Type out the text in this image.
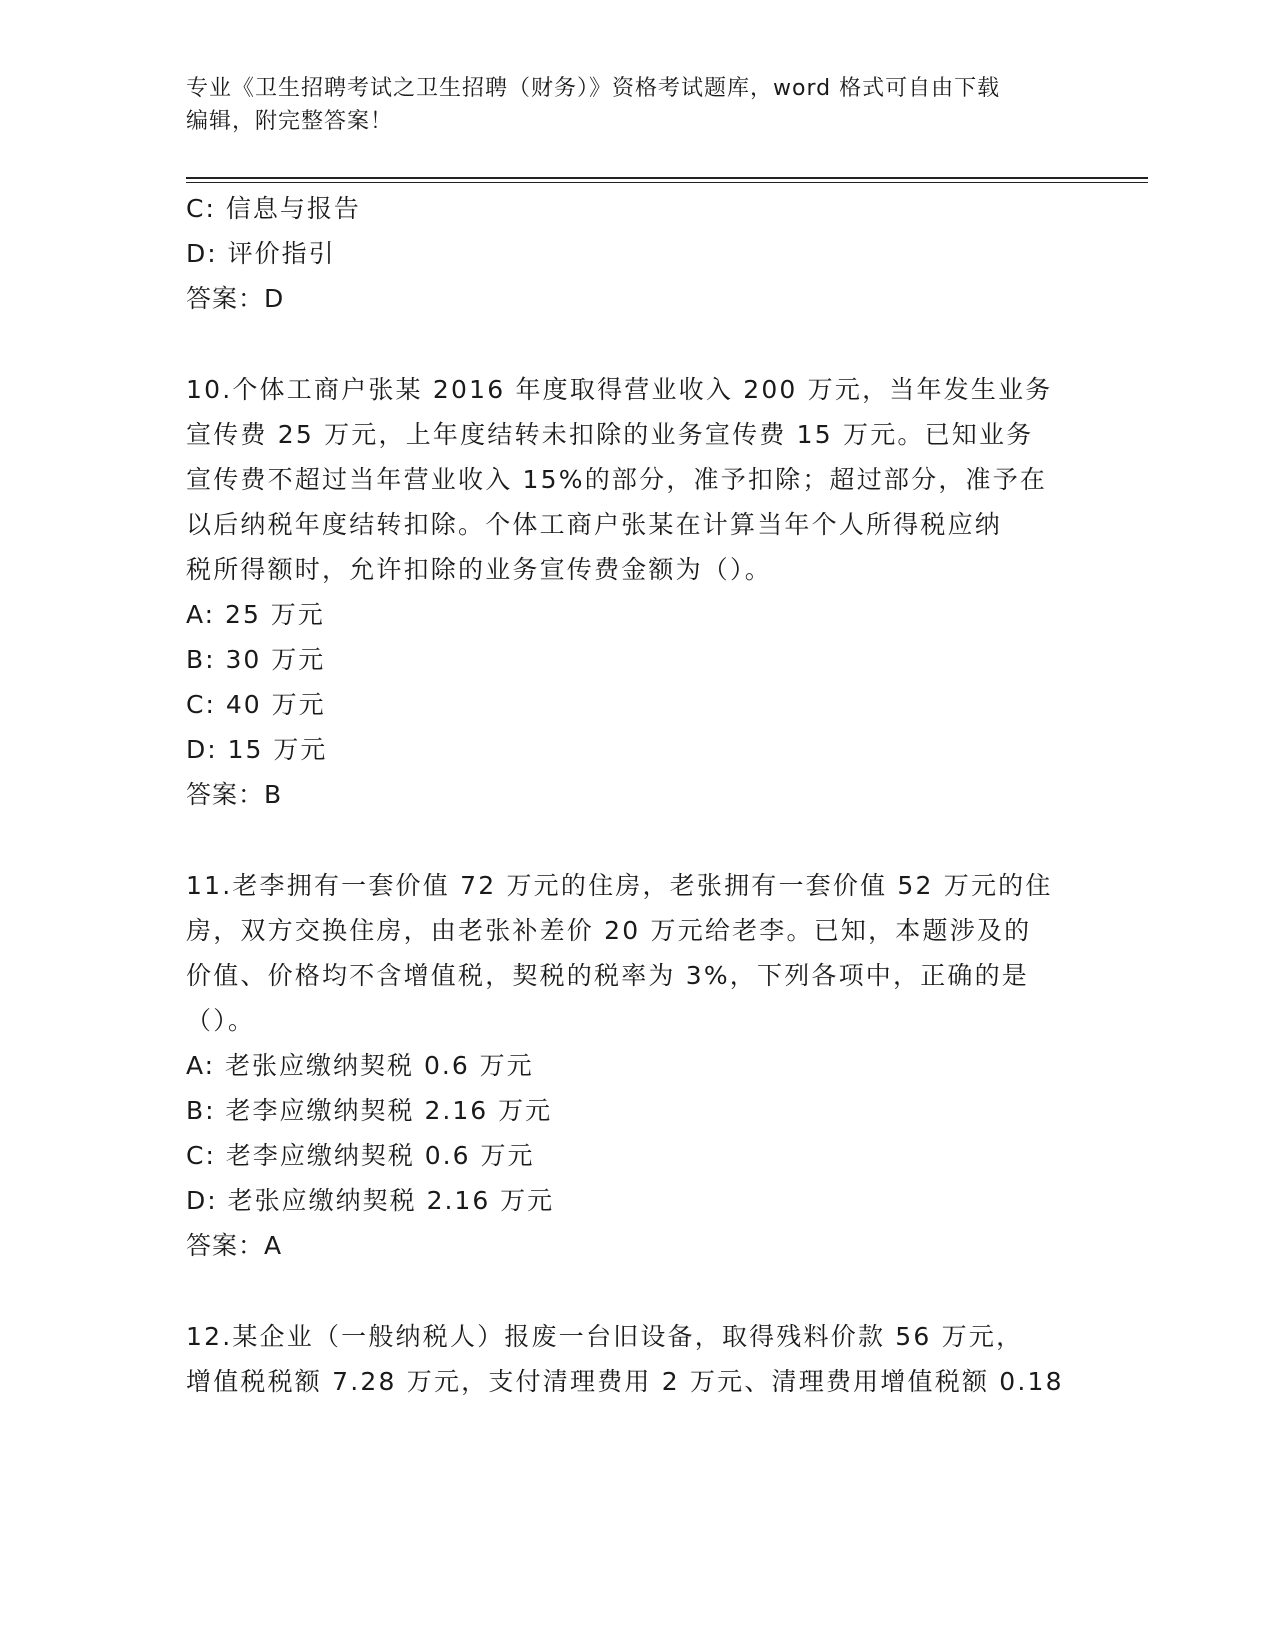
专业《卫生招聘考试之卫生招聘（财务）》资格考试题库，word 格式可自由下载
编辑，附完整答案！
C: 信息与报告
D: 评价指引
答案：D
10.个体工商户张某 2016 年度取得营业收入 200 万元，当年发生业务
宣传费 25 万元，上年度结转未扣除的业务宣传费 15 万元。已知业务
宣传费不超过当年营业收入 15%的部分，准予扣除；超过部分，准予在
以后纳税年度结转扣除。个体工商户张某在计算当年个人所得税应纳
税所得额时，允许扣除的业务宣传费金额为（）。
A: 25 万元
B: 30 万元
C: 40 万元
D: 15 万元
答案：B
11.老李拥有一套价值 72 万元的住房，老张拥有一套价值 52 万元的住
房，双方交换住房，由老张补差价 20 万元给老李。已知，本题涉及的
价值、价格均不含增值税，契税的税率为 3%，下列各项中，正确的是
（）。
A: 老张应缴纳契税 0.6 万元
B: 老李应缴纳契税 2.16 万元
C: 老李应缴纳契税 0.6 万元
D: 老张应缴纳契税 2.16 万元
答案：A
12.某企业（一般纳税人）报废一台旧设备，取得残料价款 56 万元，
增值税税额 7.28 万元，支付清理费用 2 万元、清理费用增值税额 0.18
